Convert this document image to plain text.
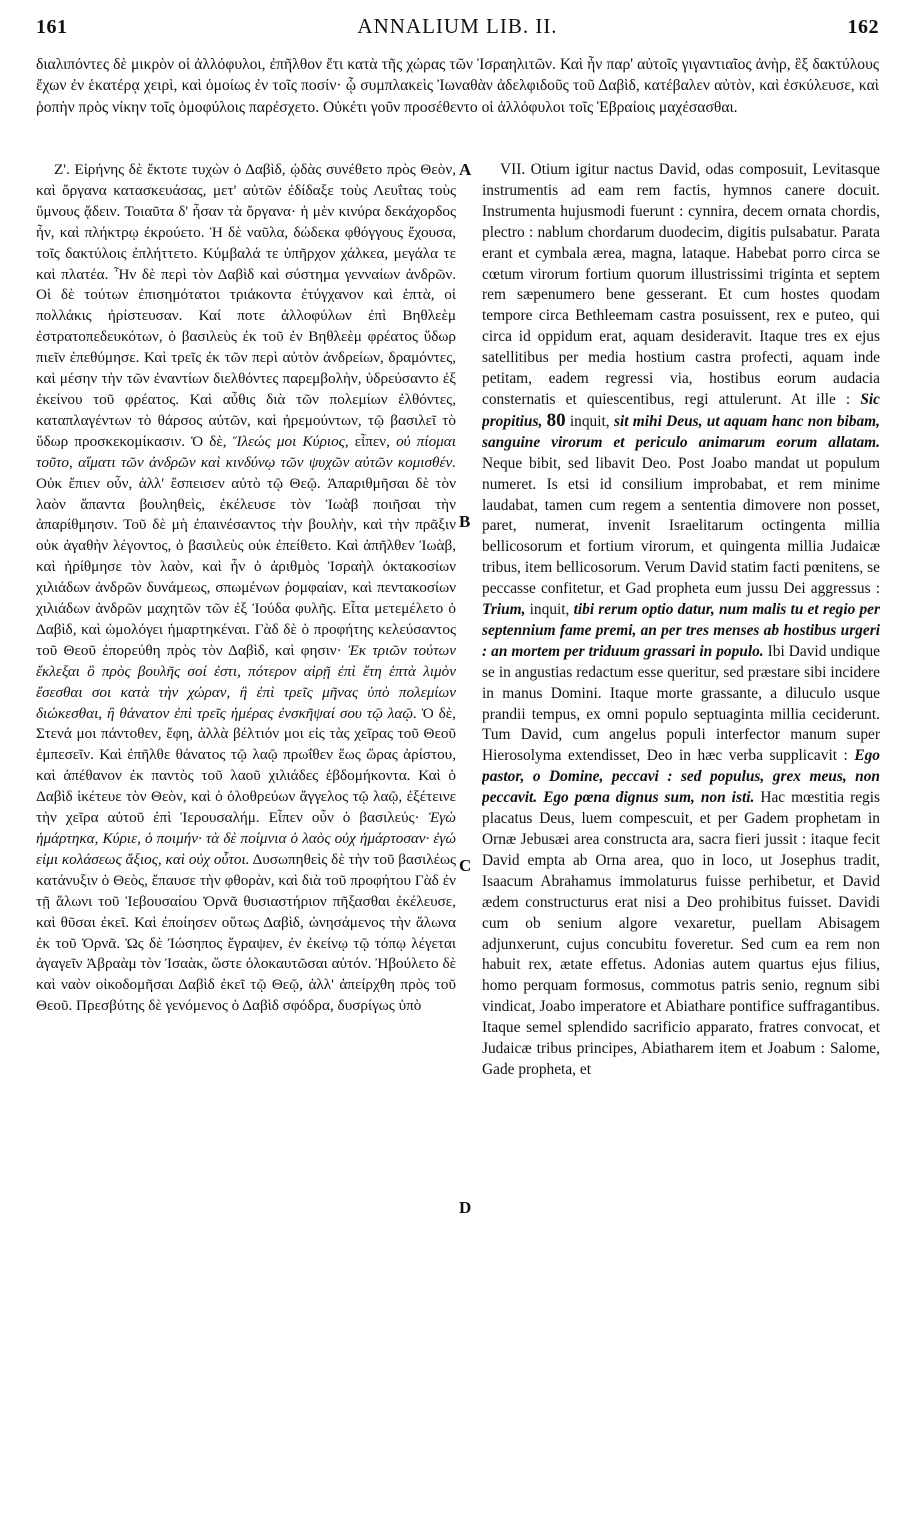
161	ANNALIUM LIB. II.	162
διαλιπόντες δὲ μικρὸν οἱ ἀλλόφυλοι, ἐπῆλθον ἔτι κατὰ τῆς χώρας τῶν Ἰσραηλιτῶν. Καὶ ἦν παρ' αὐτοῖς γιγαντιαῖος ἀνὴρ, ἓξ δακτύλους ἔχων ἐν ἑκατέρᾳ χειρὶ, καὶ ὁμοίως ἐν τοῖς ποσίν· ᾧ συμπλακεὶς Ἰωναθὰν ἀδελφιδοῦς τοῦ Δαβὶδ, κατέβαλεν αὐτὸν, καὶ ἐσκύλευσε, καὶ ῥοπὴν πρὸς νίκην τοῖς ὁμοφύλοις παρέσχετο. Οὐκέτι γοῦν προσέθεντο οἱ ἀλλόφυλοι τοῖς Ἑβραίοις μαχέσασθαι.

Ζ'. Εἰρήνης δὲ ἔκτοτε τυχὼν ὁ Δαβὶδ, ᾠδὰς συνέθετο πρὸς Θεὸν, καὶ ὄργανα κατασκευάσας, μετ' αὐτῶν ἐδίδαξε τοὺς Λευΐτας τοὺς ὕμνους ᾄδειν. Τοιαῦτα δ' ἦσαν τὰ ὄργανα· ἡ μὲν κινύρα δεκάχορδος ἦν, καὶ πλήκτρῳ ἐκρούετο. Ἡ δὲ ναῦλα, δώδεκα φθόγγους ἔχουσα, τοῖς δακτύλοις ἐπλήττετο. Κύμβαλά τε ὑπῆρχον χάλκεα, μεγάλα τε καὶ πλατέα. Ἦν δὲ περὶ τὸν Δαβὶδ καὶ σύστημα γενναίων ἀνδρῶν. Οἱ δὲ τούτων ἐπισημότατοι τριάκοντα ἐτύγχανον καὶ ἑπτὰ, οἱ πολλάκις ἠρίστευσαν. Καί ποτε ἀλλοφύλων ἐπὶ Βηθλεὲμ ἐστρατοπεδευκότων, ὁ βασιλεὺς ἐκ τοῦ ἐν Βηθλεὲμ φρέατος ὕδωρ πιεῖν ἐπεθύμησε. Καὶ τρεῖς ἐκ τῶν περὶ αὐτὸν ἀνδρείων, δραμόντες, καὶ μέσην τὴν τῶν ἐναντίων διελθόντες παρεμβολὴν, ὑδρεύσαντο ἐξ ἐκείνου τοῦ φρέατος. Καὶ αὖθις διὰ τῶν πολεμίων ἐλθόντες, καταπλαγέντων τὸ θάρσος αὐτῶν, καὶ ἠρεμούντων, τῷ βασιλεῖ τὸ ὕδωρ προσκεκομίκασιν. Ὁ δὲ, Ἵλεώς μοι Κύριος, εἶπεν, οὐ πίομαι τοῦτο, αἵματι τῶν ἀνδρῶν καὶ κινδύνῳ τῶν ψυχῶν αὐτῶν κομισθέν. Οὐκ ἔπιεν οὖν, ἀλλ' ἔσπεισεν αὐτὸ τῷ Θεῷ. Ἀπαριθμῆσαι δὲ τὸν λαὸν ἅπαντα βουληθεὶς, ἐκέλευσε τὸν Ἰωὰβ ποιῆσαι τὴν ἀπαρίθμησιν. Τοῦ δὲ μὴ ἐπαινέσαντος τὴν βουλὴν, καὶ τὴν πρᾶξιν οὐκ ἀγαθὴν λέγοντος, ὁ βασιλεὺς οὐκ ἐπείθετο. Καὶ ἀπῆλθεν Ἰωὰβ, καὶ ἠρίθμησε τὸν λαὸν, καὶ ἦν ὁ ἀριθμὸς Ἰσραὴλ ὀκτακοσίων χιλιάδων ἀνδρῶν δυνάμεως, σπωμένων ῥομφαίαν, καὶ πεντακοσίων χιλιάδων ἀνδρῶν μαχητῶν τῶν ἐξ Ἰούδα φυλῆς. Εἶτα μετεμέλετο ὁ Δαβὶδ, καὶ ὡμολόγει ἡμαρτηκέναι. Γὰδ δὲ ὁ προφήτης κελεύσαντος τοῦ Θεοῦ ἐπορεύθη πρὸς τὸν Δαβὶδ, καὶ φησιν· Ἐκ τριῶν τούτων ἔκλεξαι ὃ πρὸς βουλῆς σοί ἐστι, πότερον αἱρῇ ἐπὶ ἔτη ἑπτὰ λιμὸν ἔσεσθαι σοι κατὰ τὴν χώραν, ἢ ἐπὶ τρεῖς μῆνας ὑπὸ πολεμίων διώκεσθαι, ἢ θάνατον ἐπὶ τρεῖς ἡμέρας ἐνσκῆψαί σου τῷ λαῷ. Ὁ δὲ, Στενά μοι πάντοθεν, ἔφη, ἀλλὰ βέλτιόν μοι εἰς τὰς χεῖρας τοῦ Θεοῦ ἐμπεσεῖν. Καὶ ἐπῆλθε θάνατος τῷ λαῷ πρωΐθεν ἕως ὥρας ἀρίστου, καὶ ἀπέθανον ἐκ παντὸς τοῦ λαοῦ χιλιάδες ἑβδομήκοντα. Καὶ ὁ Δαβὶδ ἱκέτευε τὸν Θεὸν, καὶ ὁ ὀλοθρεύων ἄγγελος τῷ λαῷ, ἐξέτεινε τὴν χεῖρα αὐτοῦ ἐπὶ Ἱερουσαλήμ. Εἶπεν οὖν ὁ βασιλεύς· Ἐγὼ ἡμάρτηκα, Κύριε, ὁ ποιμήν· τὰ δὲ ποίμνια ὁ λαὸς οὐχ ἡμάρτοσαν· ἐγώ εἰμι κολάσεως ἄξιος, καὶ οὐχ οὗτοι. Δυσωπηθεὶς δὲ τὴν τοῦ βασιλέως κατάνυξιν ὁ Θεὸς, ἔπαυσε τὴν φθορὰν, καὶ διὰ τοῦ προφήτου Γὰδ ἐν τῇ ἅλωνι τοῦ Ἰεβουσαίου Ὀρνᾶ θυσιαστήριον πῆξασθαι ἐκέλευσε, καὶ θῦσαι ἐκεῖ. Καὶ ἐποίησεν οὕτως Δαβὶδ, ὠνησάμενος τὴν ἅλωνα ἐκ τοῦ Ὀρνᾶ. Ὡς δὲ Ἰώσηπος ἔγραψεν, ἐν ἐκείνῳ τῷ τόπῳ λέγεται ἀγαγεῖν Ἀβραὰμ τὸν Ἰσαὰκ, ὥστε ὁλοκαυτῶσαι αὐτόν. Ἠβούλετο δὲ καὶ ναὸν οἰκοδομῆσαι Δαβὶδ ἐκεῖ τῷ Θεῷ, ἀλλ' ἀπείρχθη πρὸς τοῦ Θεοῦ. Πρεσβύτης δὲ γενόμενος ὁ Δαβὶδ σφόδρα, δυσρίγως ὑπὸ

A
B
C
D

VII. Otium igitur nactus David, odas composuit, Levitasque instrumentis ad eam rem factis, hymnos canere docuit. Instrumenta hujusmodi fuerunt : cynnira, decem ornata chordis, plectro : nablum chordarum duodecim, digitis pulsabatur. Parata erant et cymbala ærea, magna, lataque. Habebat porro circa se cœtum virorum fortium quorum illustrissimi triginta et septem rem sæpenumero bene gesserant. Et cum hostes quodam tempore circa Bethleemam castra posuissent, rex e puteo, qui circa id oppidum erat, aquam desideravit. Itaque tres ex ejus satellitibus per media hostium castra profecti, aquam inde petitam, eadem regressi via, hostibus eorum audacia consternatis et quiescentibus, regi attulerunt. At ille : Sic propitius, 80 inquit, sit mihi Deus, ut aquam hanc non bibam, sanguine virorum et periculo animarum eorum allatam. Neque bibit, sed libavit Deo. Post Joabo mandat ut populum numeret. Is etsi id consilium improbabat, et rem minime laudabat, tamen cum regem a sententia dimovere non posset, paret, numerat, invenit Israelitarum octingenta millia bellicosorum et fortium virorum, et quingenta millia Judaicæ tribus, item bellicosorum. Verum David statim facti pœnitens, se peccasse confitetur, et Gad propheta eum jussu Dei aggressus : Trium, inquit, tibi rerum optio datur, num malis tu et regio per septennium fame premi, an per tres menses ab hostibus urgeri : an mortem per triduum grassari in populo. Ibi David undique se in angustias redactum esse queritur, sed præstare sibi incidere in manus Domini. Itaque morte grassante, a diluculo usque prandii tempus, ex omni populo septuaginta millia ceciderunt. Tum David, cum angelus populi interfector manum super Hierosolyma extendisset, Deo in hæc verba supplicavit : Ego pastor, o Domine, peccavi : sed populus, grex meus, non peccavit. Ego pœna dignus sum, non isti. Hac mœstitia regis placatus Deus, luem compescuit, et per Gadem prophetam in Ornæ Jebusæi area constructa ara, sacra fieri jussit : itaque fecit David empta ab Orna area, quo in loco, ut Josephus tradit, Isaacum Abrahamus immolaturus fuisse perhibetur, et David ædem constructurus erat nisi a Deo prohibitus fuisset. Davidi cum ob senium algore vexaretur, puellam Abisagem adjunxerunt, cujus concubitu foveretur. Sed cum ea rem non habuit rex, ætate effetus. Adonias autem quartus ejus filius, homo perquam formosus, commotus patris senio, regnum sibi vindicat, Joabo imperatore et Abiathare pontifice suffragantibus. Itaque semel splendido sacrificio apparato, fratres convocat, et Judaicæ tribus principes, Abiatharem item et Joabum : Salome, Gade propheta, et
